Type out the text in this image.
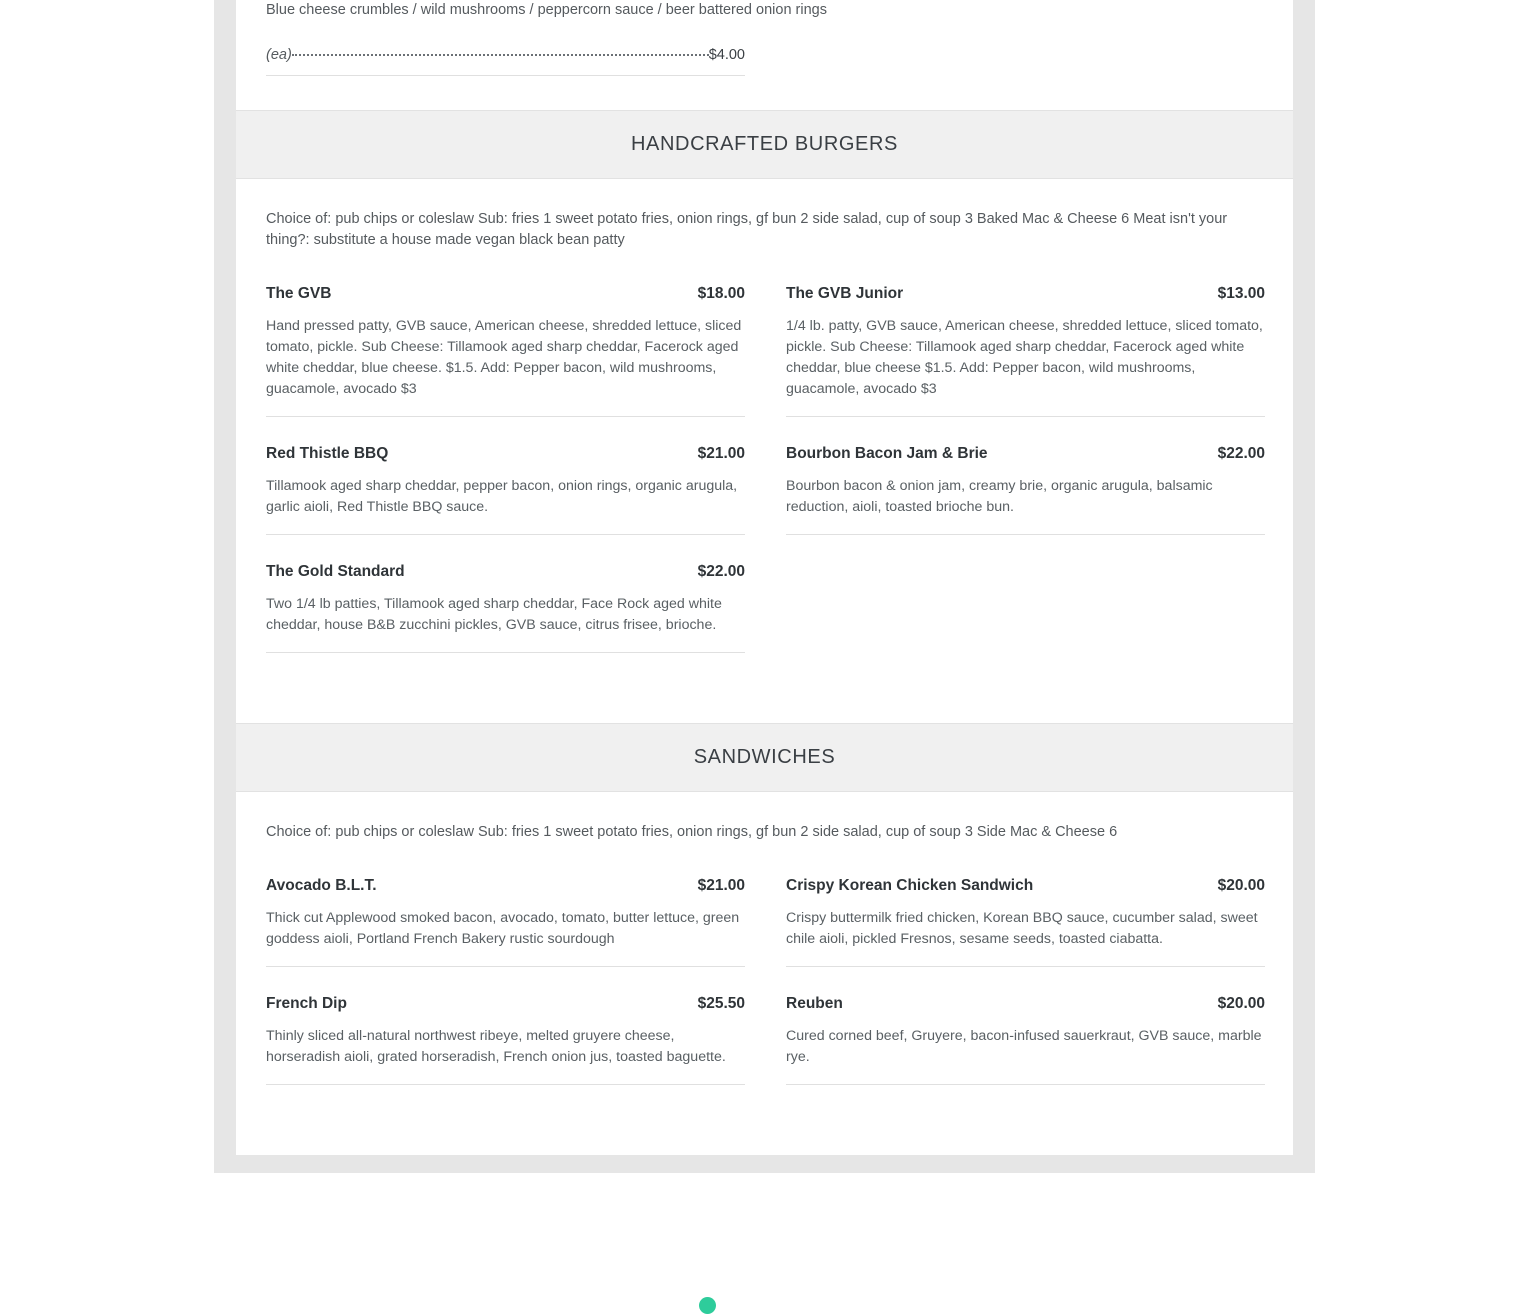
Blue cheese crumbles / wild mushrooms / peppercorn sauce / beer battered onion rings

(ea)	$4.00
HANDCRAFTED BURGERS

Choice of: pub chips or coleslaw Sub: fries 1 sweet potato fries, onion rings, gf bun 2 side salad, cup of soup 3 Baked Mac & Cheese 6 Meat isn't your thing?: substitute a house made vegan black bean patty

The GVB	$18.00
Hand pressed patty, GVB sauce, American cheese, shredded lettuce, sliced tomato, pickle. Sub Cheese: Tillamook aged sharp cheddar, Facerock aged white cheddar, blue cheese. $1.5. Add: Pepper bacon, wild mushrooms, guacamole, avocado $3
The GVB Junior	$13.00
1/4 lb. patty, GVB sauce, American cheese, shredded lettuce, sliced tomato, pickle. Sub Cheese: Tillamook aged sharp cheddar, Facerock aged white cheddar, blue cheese $1.5. Add: Pepper bacon, wild mushrooms, guacamole, avocado $3
Red Thistle BBQ	$21.00
Tillamook aged sharp cheddar, pepper bacon, onion rings, organic arugula, garlic aioli, Red Thistle BBQ sauce.
Bourbon Bacon Jam & Brie	$22.00
Bourbon bacon & onion jam, creamy brie, organic arugula, balsamic reduction, aioli, toasted brioche bun.
The Gold Standard	$22.00
Two 1/4 lb patties, Tillamook aged sharp cheddar, Face Rock aged white cheddar, house B&B zucchini pickles, GVB sauce, citrus frisee, brioche.
SANDWICHES

Choice of: pub chips or coleslaw Sub: fries 1 sweet potato fries, onion rings, gf bun 2 side salad, cup of soup 3 Side Mac & Cheese 6

Avocado B.L.T.	$21.00
Thick cut Applewood smoked bacon, avocado, tomato, butter lettuce, green goddess aioli, Portland French Bakery rustic sourdough
Crispy Korean Chicken Sandwich	$20.00
Crispy buttermilk fried chicken, Korean BBQ sauce, cucumber salad, sweet chile aioli, pickled Fresnos, sesame seeds, toasted ciabatta.
French Dip	$25.50
Thinly sliced all-natural northwest ribeye, melted gruyere cheese, horseradish aioli, grated horseradish, French onion jus, toasted baguette.
Reuben	$20.00
Cured corned beef, Gruyere, bacon-infused sauerkraut, GVB sauce, marble rye.
